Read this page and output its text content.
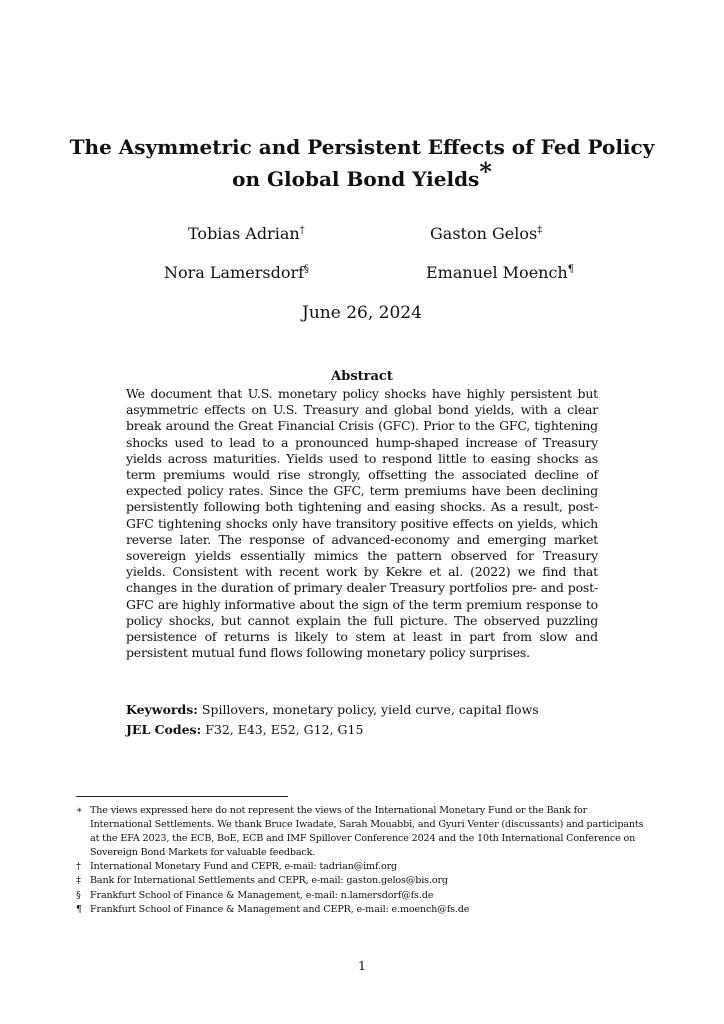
The Asymmetric and Persistent Effects of Fed Policy
on Global Bond Yields*
Tobias Adrian†	Gaston Gelos‡
Nora Lamersdorf§	Emanuel Moench¶
June 26, 2024
Abstract

We document that U.S. monetary policy shocks have highly persistent but asymmetric effects on U.S. Treasury and global bond yields, with a clear break around the Great Financial Crisis (GFC). Prior to the GFC, tightening shocks used to lead to a pronounced hump-shaped increase of Treasury yields across maturities. Yields used to respond little to easing shocks as term premiums would rise strongly, offsetting the associated decline of expected policy rates. Since the GFC, term premiums have been declining persistently following both tightening and easing shocks. As a result, post-GFC tightening shocks only have transitory positive effects on yields, which reverse later. The response of advanced-economy and emerging market sovereign yields essentially mimics the pattern observed for Treasury yields. Consistent with recent work by Kekre et al. (2022) we find that changes in the duration of primary dealer Treasury portfolios pre- and post-GFC are highly informative about the sign of the term premium response to policy shocks, but cannot explain the full picture. The observed puzzling persistence of returns is likely to stem at least in part from slow and persistent mutual fund flows following monetary policy surprises.

Keywords: Spillovers, monetary policy, yield curve, capital flows
JEL Codes: F32, E43, E52, G12, G15
∗ The views expressed here do not represent the views of the International Monetary Fund or the Bank for International Settlements. We thank Bruce Iwadate, Sarah Mouabbi, and Gyuri Venter (discussants) and participants at the EFA 2023, the ECB, BoE, ECB and IMF Spillover Conference 2024 and the 10th International Conference on Sovereign Bond Markets for valuable feedback.
† International Monetary Fund and CEPR, e-mail: tadrian@imf.org
‡ Bank for International Settlements and CEPR, e-mail: gaston.gelos@bis.org
§ Frankfurt School of Finance & Management, e-mail: n.lamersdorf@fs.de
¶ Frankfurt School of Finance & Management and CEPR, e-mail: e.moench@fs.de
1
